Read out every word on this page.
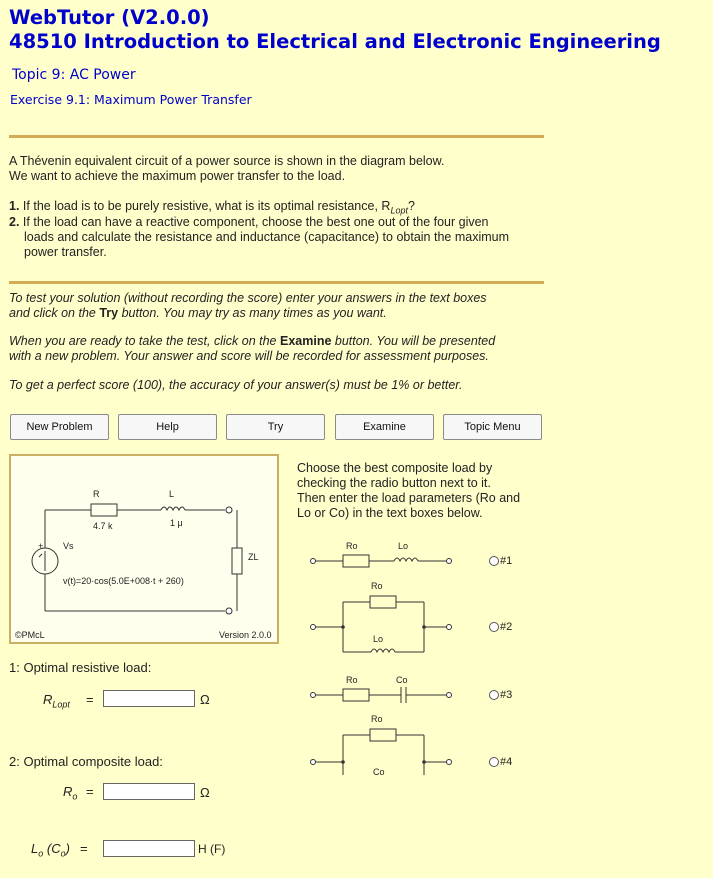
WebTutor (V2.0.0)
48510 Introduction to Electrical and Electronic Engineering
Topic 9: AC Power
Exercise 9.1: Maximum Power Transfer
A Thévenin equivalent circuit of a power source is shown in the diagram below.
We want to achieve the maximum power transfer to the load.
1. If the load is to be purely resistive, what is its optimal resistance, $R_{Lopt}$?
2. If the load can have a reactive component, choose the best one out of the four given
loads and calculate the resistance and inductance (capacitance) to obtain the maximum
power transfer.
To test your solution (without recording the score) enter your answers in the text boxes
and click on the Try button. You may try as many times as you want.
When you are ready to take the test, click on the Examine button. You will be presented
with a new problem. Your answer and score will be recorded for assessment purposes.
To get a perfect score (100), the accuracy of your answer(s) must be 1% or better.
New Problem	Help	Try	Examine	Topic Menu
R
4.7 k
L
1 μ
+ Vs
ZL
v(t)=20·cos(5.0E+008·t + 260)
©PMcL	Version 2.0.0
Choose the best composite load by
checking the radio button next to it.
Then enter the load parameters (Ro and
Lo or Co) in the text boxes below.
Ro	Lo
Ro
Lo
Ro	Co
Ro
Co
#1
#2
#3
#4
1: Optimal resistive load:
$R_{Lopt}$ =	Ω
2: Optimal composite load:
$R_o$ =	Ω
$L_o$ $(C_o)$ =	H (F)
